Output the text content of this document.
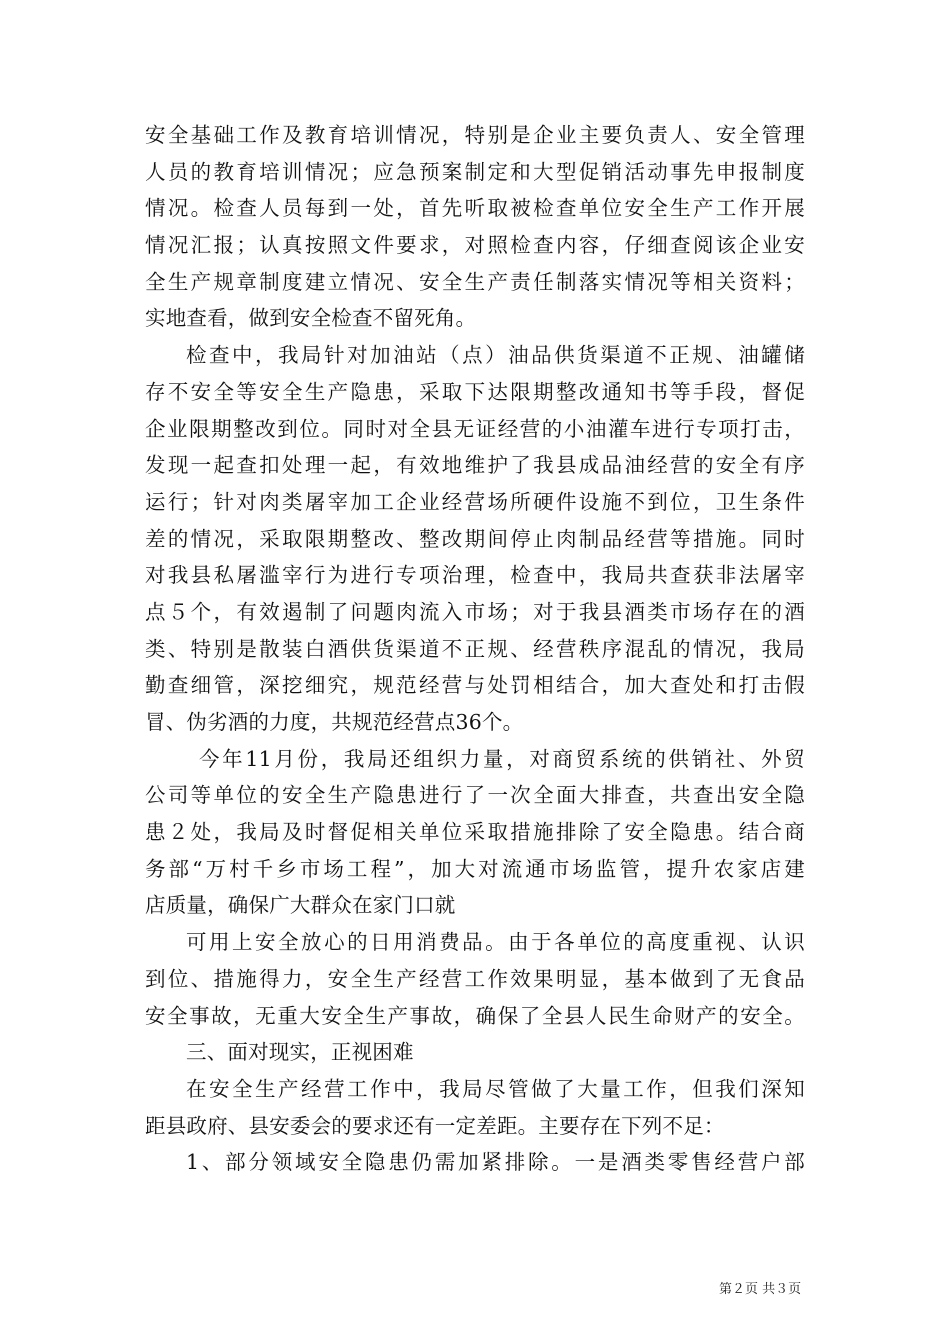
安全基础工作及教育培训情况，特别是企业主要负责人、安全管理
人员的教育培训情况；应急预案制定和大型促销活动事先申报制度
情况。检查人员每到一处，首先听取被检查单位安全生产工作开展
情况汇报；认真按照文件要求，对照检查内容，仔细查阅该企业安
全生产规章制度建立情况、安全生产责任制落实情况等相关资料；
实地查看，做到安全检查不留死角。
检查中，我局针对加油站（点）油品供货渠道不正规、油罐储
存不安全等安全生产隐患，采取下达限期整改通知书等手段，督促
企业限期整改到位。同时对全县无证经营的小油灌车进行专项打击，
发现一起查扣处理一起，有效地维护了我县成品油经营的安全有序
运行；针对肉类屠宰加工企业经营场所硬件设施不到位，卫生条件
差的情况，采取限期整改、整改期间停止肉制品经营等措施。同时
对我县私屠滥宰行为进行专项治理，检查中，我局共查获非法屠宰
点５个，有效遏制了问题肉流入市场；对于我县酒类市场存在的酒
类、特别是散装白酒供货渠道不正规、经营秩序混乱的情况，我局
勤查细管，深挖细究，规范经营与处罚相结合，加大查处和打击假
冒、伪劣酒的力度，共规范经营点36个。
今年11月份，我局还组织力量，对商贸系统的供销社、外贸
公司等单位的安全生产隐患进行了一次全面大排查，共查出安全隐
患２处，我局及时督促相关单位采取措施排除了安全隐患。结合商
务部“万村千乡市场工程”，加大对流通市场监管，提升农家店建
店质量，确保广大群众在家门口就
可用上安全放心的日用消费品。由于各单位的高度重视、认识
到位、措施得力，安全生产经营工作效果明显，基本做到了无食品
安全事故，无重大安全生产事故，确保了全县人民生命财产的安全。
三、面对现实，正视困难
在安全生产经营工作中，我局尽管做了大量工作，但我们深知
距县政府、县安委会的要求还有一定差距。主要存在下列不足：
1、部分领域安全隐患仍需加紧排除。一是酒类零售经营户部
第２页 共３页
